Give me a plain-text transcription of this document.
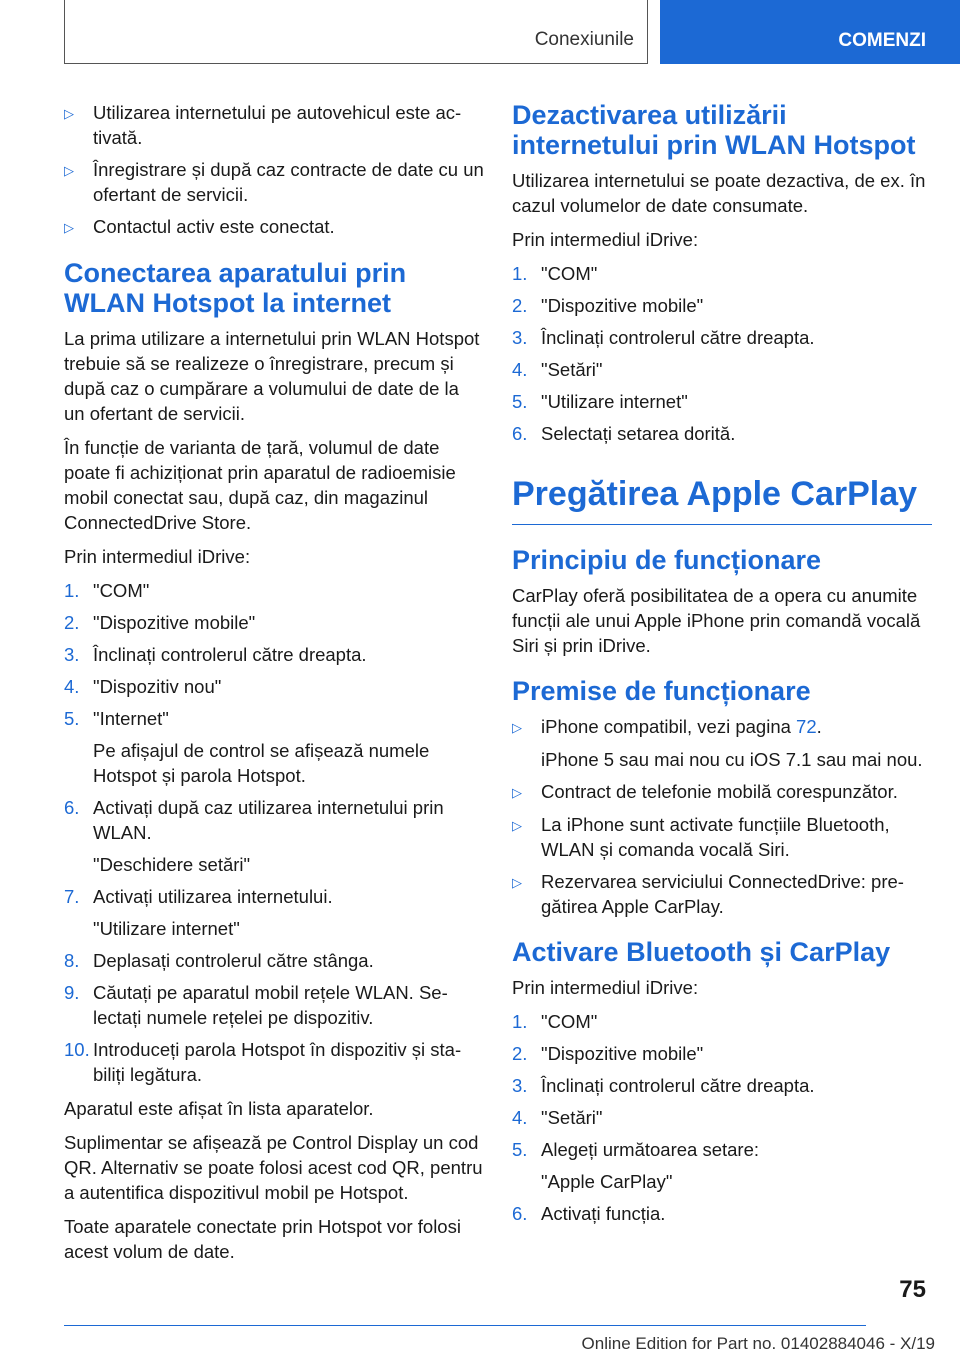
Conexiunile	COMENZI
▷	Utilizarea internetului pe autovehicul este activată.
▷	Înregistrare și după caz contracte de date cu un ofertant de servicii.
▷	Contactul activ este conectat.
Conectarea aparatului prin WLAN Hotspot la internet

La prima utilizare a internetului prin WLAN Hotspot trebuie să se realizeze o înregistrare, precum și după caz o cumpărare a volumului de date de la un ofertant de servicii.

În funcție de varianta de țară, volumul de date poate fi achiziționat prin aparatul de radioemisie mobil conectat sau, după caz, din magazinul ConnectedDrive Store.

Prin intermediul iDrive:

1. "COM"
2. "Dispozitive mobile"
3. Înclinați controlerul către dreapta.
4. "Dispozitiv nou"
5. "Internet"
Pe afișajul de control se afișează numele Hotspot și parola Hotspot.
6. Activați după caz utilizarea internetului prin WLAN.
"Deschidere setări"
7. Activați utilizarea internetului.
"Utilizare internet"
8. Deplasați controlerul către stânga.
9. Căutați pe aparatul mobil rețele WLAN. Selectați numele rețelei pe dispozitiv.
10. Introduceți parola Hotspot în dispozitiv și stabiliți legătura.

Aparatul este afișat în lista aparatelor.

Suplimentar se afișează pe Control Display un cod QR. Alternativ se poate folosi acest cod QR, pentru a autentifica dispozitivul mobil pe Hotspot.

Toate aparatele conectate prin Hotspot vor folosi acest volum de date.

Dezactivarea utilizării internetului prin WLAN Hotspot

Utilizarea internetului se poate dezactiva, de ex. în cazul volumelor de date consumate.

Prin intermediul iDrive:

1. "COM"
2. "Dispozitive mobile"
3. Înclinați controlerul către dreapta.
4. "Setări"
5. "Utilizare internet"
6. Selectați setarea dorită.
Pregătirea Apple CarPlay
Principiu de funcționare

CarPlay oferă posibilitatea de a opera cu anumite funcții ale unui Apple iPhone prin comandă vocală Siri și prin iDrive.

Premise de funcționare
▷	iPhone compatibil, vezi pagina 72.
iPhone 5 sau mai nou cu iOS 7.1 sau mai nou.
▷	Contract de telefonie mobilă corespunzător.
▷	La iPhone sunt activate funcțiile Bluetooth, WLAN și comanda vocală Siri.
▷	Rezervarea serviciului ConnectedDrive: pregătirea Apple CarPlay.
Activare Bluetooth și CarPlay

Prin intermediul iDrive:

1. "COM"
2. "Dispozitive mobile"
3. Înclinați controlerul către dreapta.
4. "Setări"
5. Alegeți următoarea setare:
"Apple CarPlay"
6. Activați funcția.
75
Online Edition for Part no. 01402884046 - X/19
